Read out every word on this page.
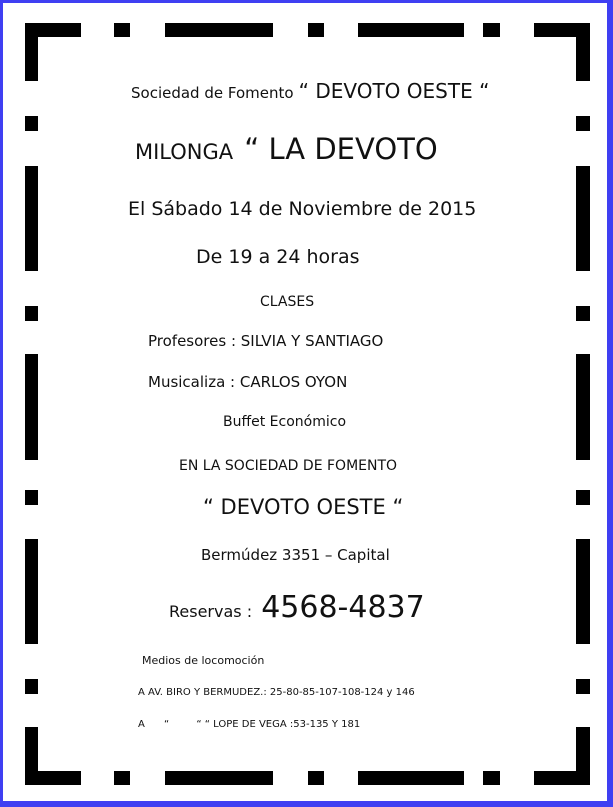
Sociedad de Fomento “ DEVOTO OESTE “
MILONGA “ LA DEVOTO
El Sábado 14 de Noviembre de 2015
De 19 a 24 horas
CLASES
Profesores : SILVIA Y SANTIAGO
Musicaliza : CARLOS OYON
Buffet Económico
EN LA SOCIEDAD DE FOMENTO
“ DEVOTO OESTE “
Bermúdez 3351 – Capital
Reservas : 4568-4837
Medios de locomoción
A AV. BIRO Y BERMUDEZ.: 25-80-85-107-108-124 y 146
A “	“ “ LOPE DE VEGA :53-135 Y 181
